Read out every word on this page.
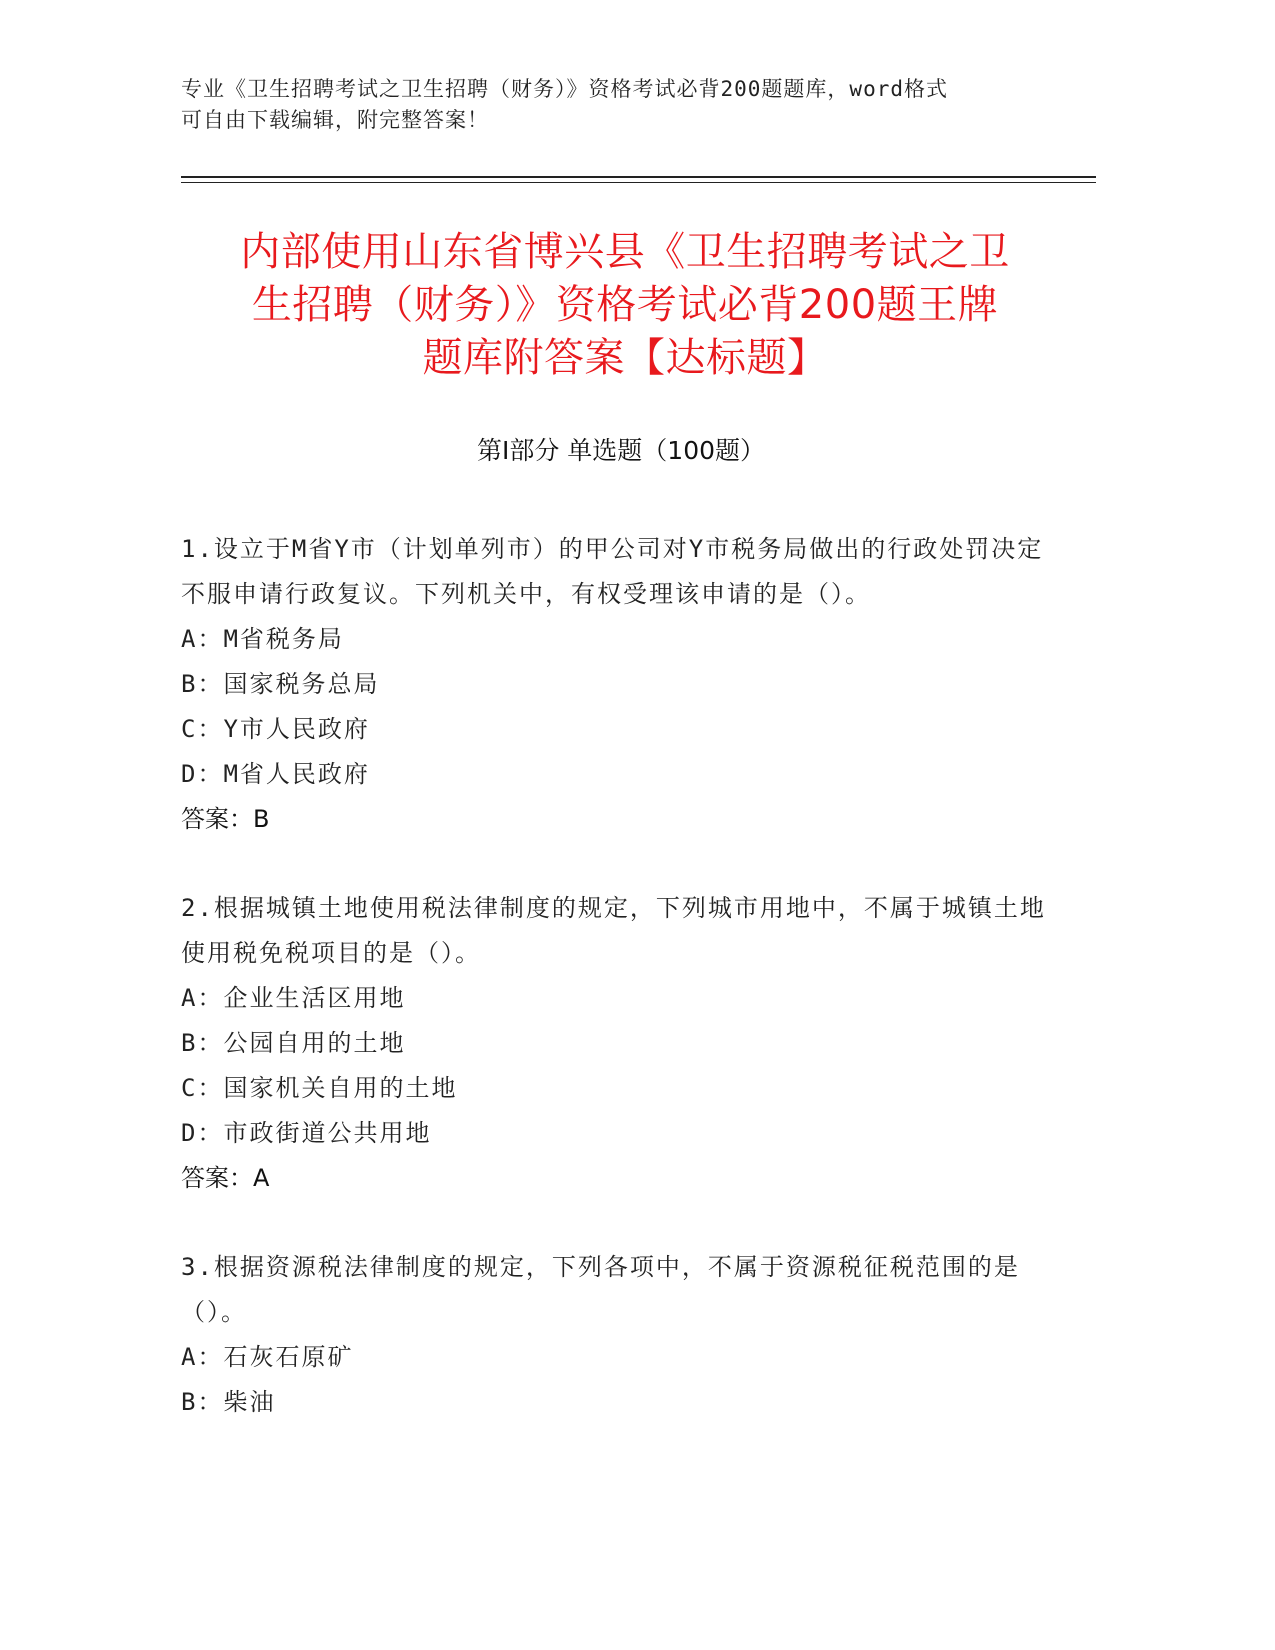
专业《卫生招聘考试之卫生招聘（财务）》资格考试必背200题题库，word格式
可自由下载编辑，附完整答案！
内部使用山东省博兴县《卫生招聘考试之卫
生招聘（财务）》资格考试必背200题王牌
题库附答案【达标题】
第I部分 单选题（100题）

1.设立于M省Y市（计划单列市）的甲公司对Y市税务局做出的行政处罚决定不服申请行政复议。下列机关中，有权受理该申请的是（）。

A：M省税务局

B：国家税务总局

C：Y市人民政府

D：M省人民政府

答案：B

2.根据城镇土地使用税法律制度的规定，下列城市用地中，不属于城镇土地使用税免税项目的是（）。

A：企业生活区用地

B：公园自用的土地

C：国家机关自用的土地

D：市政街道公共用地

答案：A

3.根据资源税法律制度的规定，下列各项中，不属于资源税征税范围的是（）。

A：石灰石原矿

B：柴油
